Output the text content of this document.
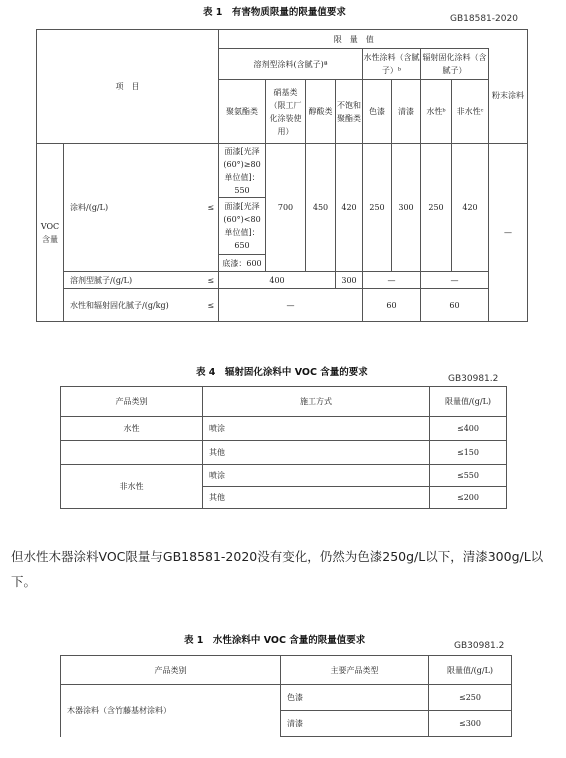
表 1　有害物质限量的限量值要求
GB18581-2020
项　目			限　量　值								
			溶剂型涂料(含腻子)ª				水性涂料（含腻子）ᵇ		辐射固化涂料（含腻子）		粉末涂料
			聚氨酯类	硝基类（限工厂化涂装使用）	醇酸类	不饱和聚酯类	色漆	清漆	水性ᵇ	非水性ᶜ	
VOC含量	涂料/(g/L)	≤	面漆[光泽(60°)≥80 单位值]：550	700	450	420	250	300	250	420	—
			面漆[光泽(60°)<80 单位值]：650								
			底漆：600								
	溶剂型腻子/(g/L)	≤	400			300	—		—		
	水性和辐射固化腻子/(g/kg)	≤	—				60		60		
表 4　辐射固化涂料中 VOC 含量的要求
GB30981.2
产品类别	施工方式	限量值/(g/L)
水性	喷涂	≤400
	其他	≤150
非水性	喷涂	≤550
	其他	≤200
但水性木器涂料VOC限量与GB18581-2020没有变化，仍然为色漆250g/L以下，清漆300g/L以下。
表 1　水性涂料中 VOC 含量的限量值要求	GB30981.2
产品类别	主要产品类型	限量值/(g/L)
木器涂料（含竹藤基材涂料）	色漆	≤250
	清漆	≤300
